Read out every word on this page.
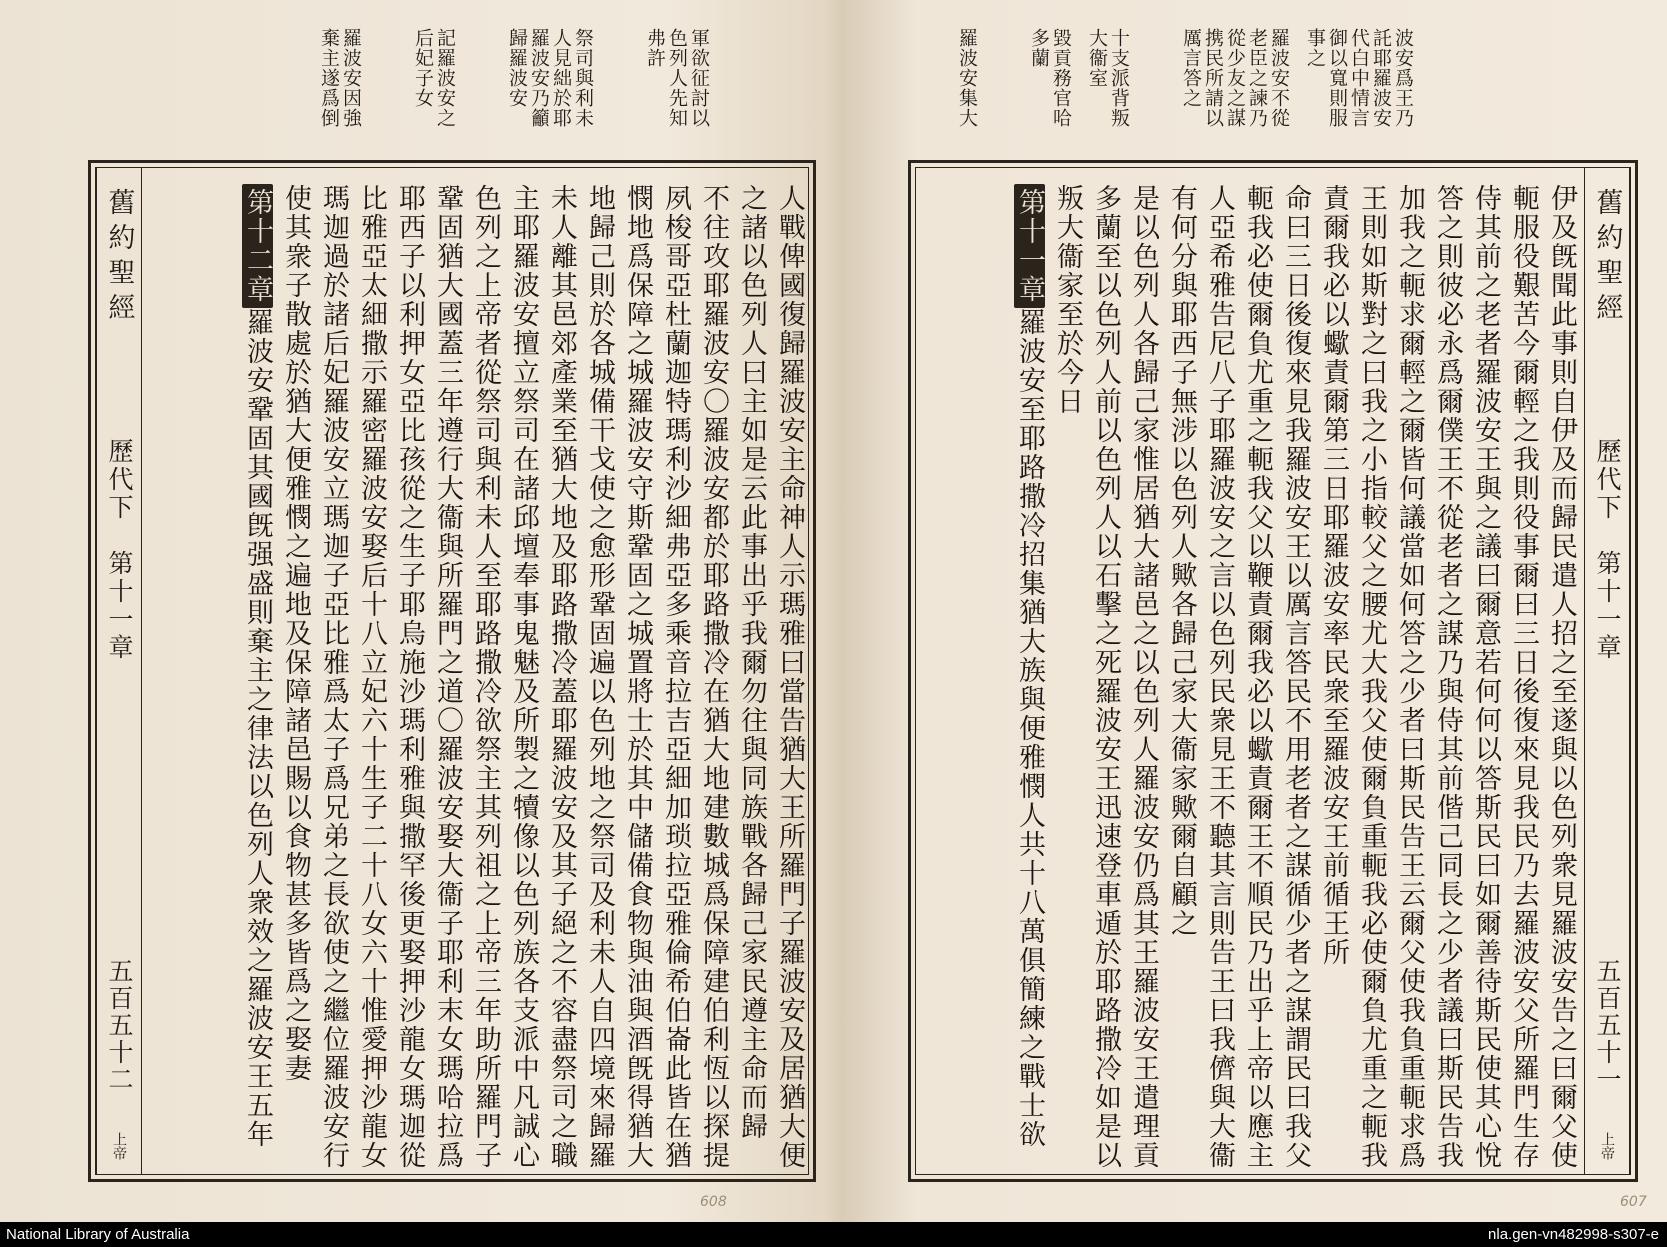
軍欲征討以色列人先知弗許

祭司與利未人見絀於耶羅波安乃籲歸羅波安

記羅波安之后妃子女

羅波安因強棄主遂爲倒
人戰俾國復歸羅波安主命神人示瑪雅曰當告猶大王所羅門子羅波安及居猶大便
之諸以色列人曰主如是云此事出乎我爾勿往與同族戰各歸己家民遵主命而歸
不往攻耶羅波安〇羅波安都於耶路撒冷在猶大地建數城爲保障建伯利恆以探提
夙梭哥亞杜蘭迦特瑪利沙細弗亞多乘音拉吉亞細加琐拉亞雅倫希伯崙此皆在猶
憫地爲保障之城羅波安守斯鞏固之城置將士於其中儲備食物與油與酒旣得猶大
地歸己則於各城備干戈使之愈形鞏固遍以色列地之祭司及利未人自四境來歸羅
未人離其邑郊產業至猶大地及耶路撒冷蓋耶羅波安及其子絕之不容盡祭司之職
主耶羅波安擅立祭司在諸邱壇奉事鬼魅及所製之犢像以色列族各支派中凡誠心
色列之上帝者從祭司與利未人至耶路撒冷欲祭主其列祖之上帝三年助所羅門子
鞏固猶大國蓋三年遵行大衞與所羅門之道〇羅波安娶大衞子耶利末女瑪哈拉爲
耶西子以利押女亞比孩從之生子耶烏施沙瑪利雅與撒罕後更娶押沙龍女瑪迦從
比雅亞太細撒示羅密羅波安娶后十八立妃六十生子二十八女六十惟愛押沙龍女
瑪迦過於諸后妃羅波安立瑪迦子亞比雅爲太子爲兄弟之長欲使之繼位羅波安行
使其衆子散處於猶大便雅憫之遍地及保障諸邑賜以食物甚多皆爲之娶妻
第十二章羅波安鞏固其國旣强盛則棄主之律法以色列人衆效之羅波安王五年
舊約聖經
歷代下　第十一章
五百五十二
上帝
608

波安爲王乃託耶羅波安代白中情言御以寬則服事之
羅波安不從老臣之諫乃從少友之謀携民所請以厲言答之

十支派背叛大衞室
毀貢務官哈多蘭

羅波安集大
伊及旣聞此事則自伊及而歸民遣人招之至遂與以色列衆見羅波安告之曰爾父使
軛服役艱苦今爾輕之我則役事爾曰三日後復來見我民乃去羅波安父所羅門生存
侍其前之老者羅波安王與之議曰爾意若何何以答斯民曰如爾善待斯民使其心悅
答之則彼必永爲爾僕王不從老者之謀乃與侍其前偕己同長之少者議曰斯民告我
加我之軛求爾輕之爾皆何議當如何答之少者曰斯民告王云爾父使我負重軛求爲
王則如斯對之曰我之小指較父之腰尤大我父使爾負重軛我必使爾負尤重之軛我
責爾我必以蠍責爾第三日耶羅波安率民衆至羅波安王前循王所
命曰三日後復來見我羅波安王以厲言答民不用老者之謀循少者之謀謂民曰我父
軛我必使爾負尤重之軛我父以鞭責爾我必以蠍責爾王不順民乃出乎上帝以應主
人亞希雅告尼八子耶羅波安之言以色列民衆見王不聽其言則告王曰我儕與大衞
有何分與耶西子無涉以色列人歟各歸己家大衞家歟爾自顧之
是以色列人各歸己家惟居猶大諸邑之以色列人羅波安仍爲其王羅波安王遣理貢
多蘭至以色列人前以色列人以石擊之死羅波安王迅速登車遁於耶路撒冷如是以
叛大衞家至於今日
第十一章羅波安至耶路撒冷招集猶大族與便雅憫人共十八萬俱簡練之戰士欲
舊約聖經
歷代下　第十一章
五百五十一
上帝
607
National Library of Australia	nla.gen-vn482998-s307-e
